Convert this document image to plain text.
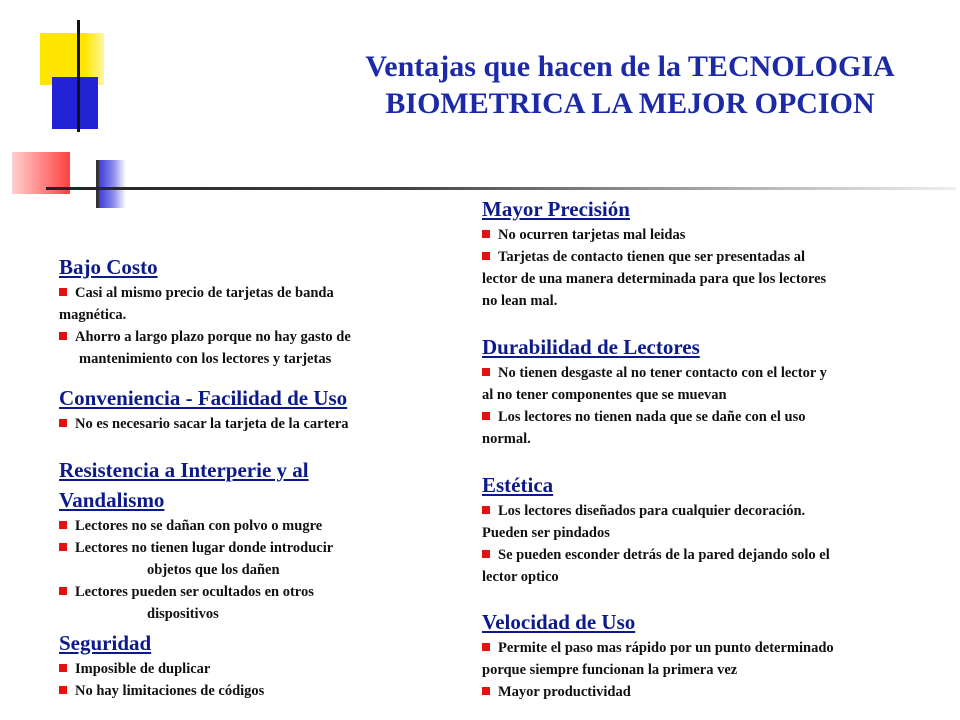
Ventajas que hacen de la TECNOLOGIA
BIOMETRICA LA MEJOR OPCION
Bajo Costo
Casi al mismo precio de tarjetas de banda
magnética.
Ahorro a largo plazo porque no hay gasto de
mantenimiento con los lectores y tarjetas
Conveniencia - Facilidad de Uso
No es necesario sacar la tarjeta de la cartera
Resistencia a Interperie y al
Vandalismo
Lectores no se dañan con polvo o mugre
Lectores no tienen lugar donde introducir
objetos que los dañen
Lectores pueden ser ocultados en otros
dispositivos
Seguridad
Imposible de duplicar
No hay limitaciones de códigos
Mayor Precisión
No ocurren tarjetas mal leidas
Tarjetas de contacto tienen que ser presentadas al
lector de una manera determinada para que los lectores
no lean mal.
Durabilidad de Lectores
No tienen desgaste al no tener contacto con el lector y
al no tener componentes que se muevan
Los lectores no tienen nada que se dañe con el uso
normal.
Estética
Los lectores diseñados para cualquier decoración.
Pueden ser pindados
Se pueden esconder detrás de la pared dejando solo el
lector optico
Velocidad de Uso
Permite el paso mas rápido por un punto determinado
porque siempre funcionan la primera vez
Mayor productividad
